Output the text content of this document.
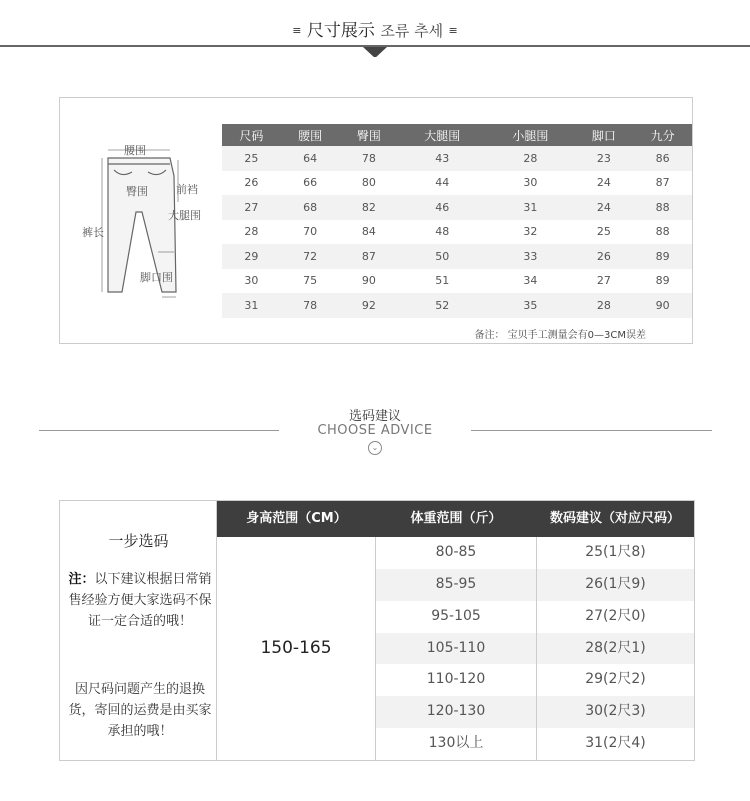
≡ 尺寸展示 조류 추세 ≡
腰围
臀围	前裆
大腿围
裤长
脚口围
尺码	腰围	臀围	大腿围	小腿围	脚口	九分
25	64	78	43	28	23	86
26	66	80	44	30	24	87
27	68	82	46	31	24	88
28	70	84	48	32	25	88
29	72	87	50	33	26	89
30	75	90	51	34	27	89
31	78	92	52	35	28	90
备注： 宝贝手工测量会有0—3CM误差
选码建议
CHOOSE ADVICE
⌄
一步选码
注：以下建议根据日常销售经验方便大家选码不保证一定合适的哦！
因尺码问题产生的退换货，寄回的运费是由买家承担的哦！
身高范围（CM）	体重范围（斤）	数码建议（对应尺码）
150-165
80-85	25(1尺8)
85-95	26(1尺9)
95-105	27(2尺0)
105-110	28(2尺1)
110-120	29(2尺2)
120-130	30(2尺3)
130以上	31(2尺4)
